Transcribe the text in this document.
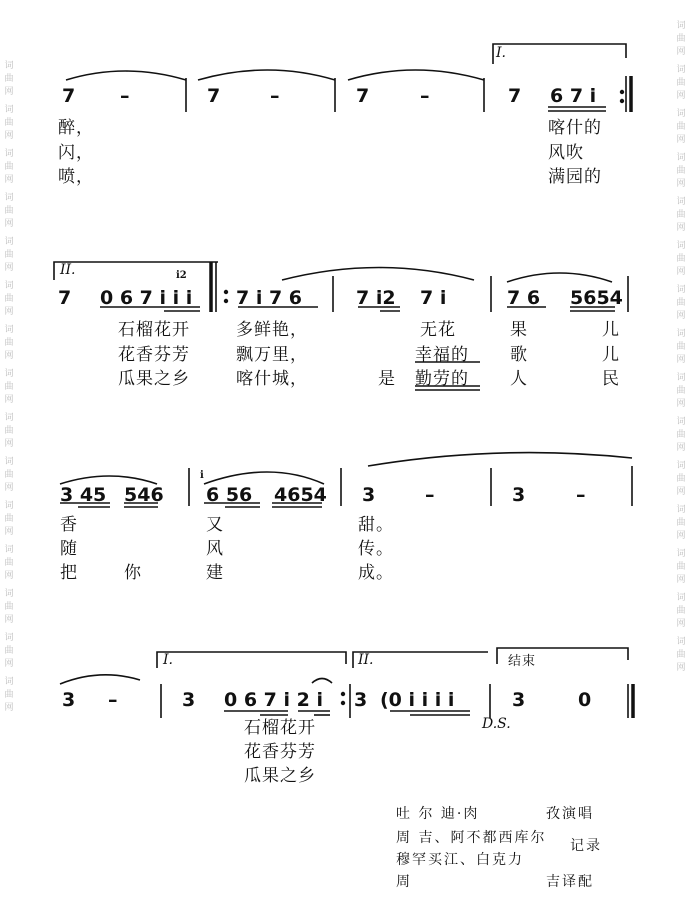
词曲网
词曲网
词曲网
词曲网
词曲网
词曲网
词曲网
词曲网
词曲网
词曲网
词曲网
词曲网
词曲网
词曲网
词曲网
词曲网
词曲网
词曲网
词曲网
词曲网
词曲网
词曲网
词曲网
词曲网
词曲网
词曲网
词曲网
词曲网
词曲网
词曲网
I.
7 –	7	–	7	–	7 6 7 i
醉，	喀什的
闪，	风吹
喷，	满园的
II.	i2
7 0 6 7 i i i 7 i 7 6	7 i2 7 i	7 6 5654
石榴花开	多鲜艳，	无花	果	儿
花香芬芳	飘万里，	幸福的 歌	儿
瓜果之乡	喀什城，	是 勤劳的 人	民
i
3 45 546 6 56 4654 3	–	3	–
香	又	甜。
随	风	传。
把	你	建	成。
I.	II.	结束
3 –	3 0 6 7 i 2 i 3 (0 i i i i	3	0
D.S.
石榴花开
花香芬芳
瓜果之乡
吐 尔 迪·肉	孜演唱
周 吉、阿不都西库尔 记录
穆罕买江、白克力
周	吉译配
